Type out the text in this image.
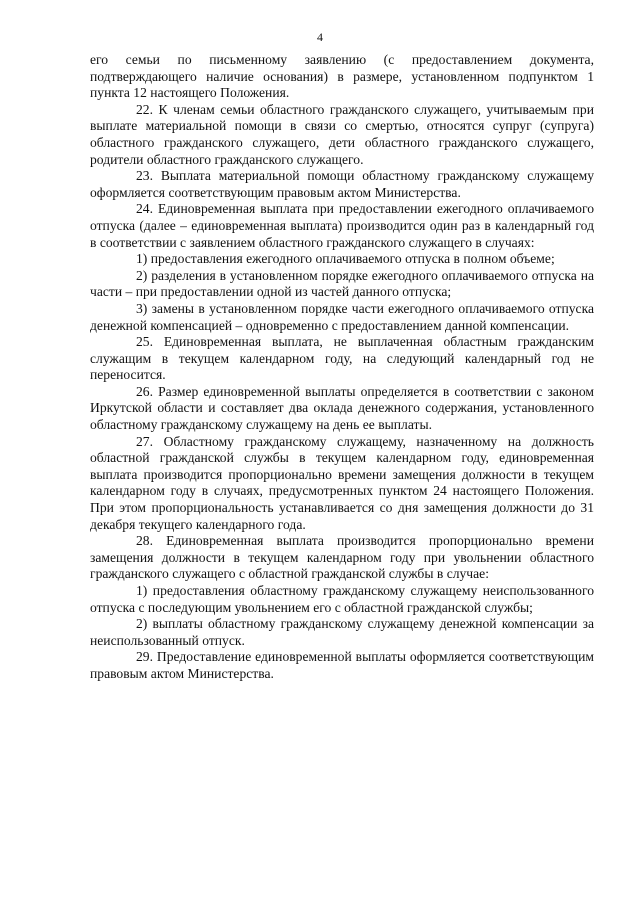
4

его семьи по письменному заявлению (с предоставлением документа, подтверждающего наличие основания) в размере, установленном подпунктом 1 пункта 12 настоящего Положения.

22. К членам семьи областного гражданского служащего, учитываемым при выплате материальной помощи в связи со смертью, относятся супруг (супруга) областного гражданского служащего, дети областного гражданского служащего, родители областного гражданского служащего.

23. Выплата материальной помощи областному гражданскому служащему оформляется соответствующим правовым актом Министерства.

24. Единовременная выплата при предоставлении ежегодного оплачиваемого отпуска (далее – единовременная выплата) производится один раз в календарный год в соответствии с заявлением областного гражданского служащего в случаях:

1) предоставления ежегодного оплачиваемого отпуска в полном объеме;

2) разделения в установленном порядке ежегодного оплачиваемого отпуска на части – при предоставлении одной из частей данного отпуска;

3) замены в установленном порядке части ежегодного оплачиваемого отпуска денежной компенсацией – одновременно с предоставлением данной компенсации.

25. Единовременная выплата, не выплаченная областным гражданским служащим в текущем календарном году, на следующий календарный год не переносится.

26. Размер единовременной выплаты определяется в соответствии с законом Иркутской области и составляет два оклада денежного содержания, установленного областному гражданскому служащему на день ее выплаты.

27. Областному гражданскому служащему, назначенному на должность областной гражданской службы в текущем календарном году, единовременная выплата производится пропорционально времени замещения должности в текущем календарном году в случаях, предусмотренных пунктом 24 настоящего Положения. При этом пропорциональность устанавливается со дня замещения должности до 31 декабря текущего календарного года.

28. Единовременная выплата производится пропорционально времени замещения должности в текущем календарном году при увольнении областного гражданского служащего с областной гражданской службы в случае:

1) предоставления областному гражданскому служащему неиспользованного отпуска с последующим увольнением его с областной гражданской службы;

2) выплаты областному гражданскому служащему денежной компенсации за неиспользованный отпуск.

29. Предоставление единовременной выплаты оформляется соответствующим правовым актом Министерства.
